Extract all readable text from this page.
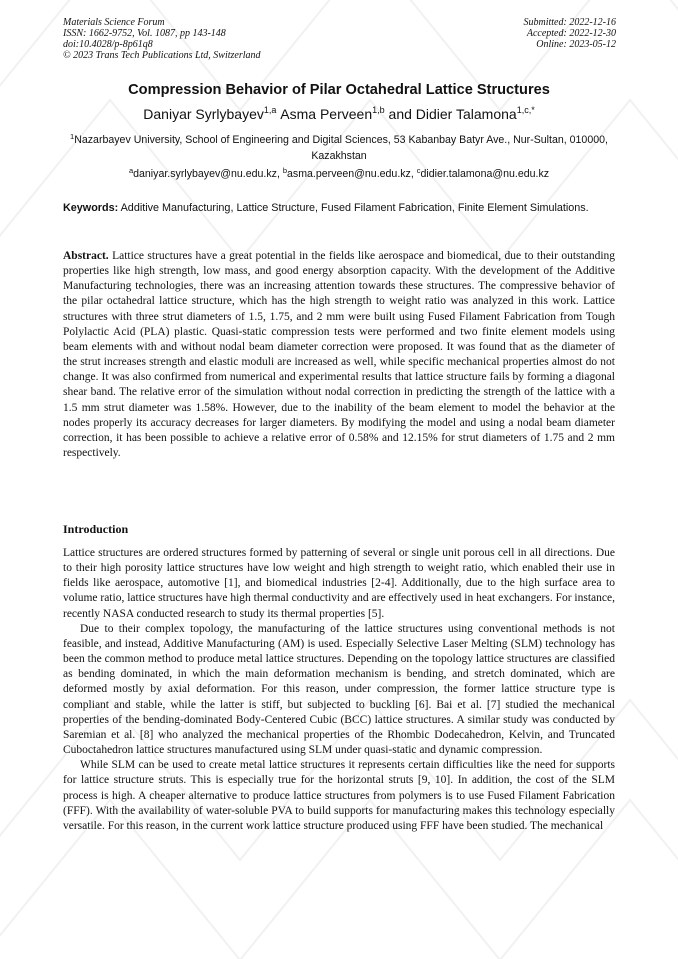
Materials Science Forum
ISSN: 1662-9752, Vol. 1087, pp 143-148
doi:10.4028/p-8p61q8
© 2023 Trans Tech Publications Ltd, Switzerland
Submitted: 2022-12-16
Accepted: 2022-12-30
Online: 2023-05-12
Compression Behavior of Pilar Octahedral Lattice Structures
Daniyar Syrlybayev$^{1,a}$ Asma Perveen$^{1,b}$ and Didier Talamona$^{1,c,*}$
$^1$Nazarbayev University, School of Engineering and Digital Sciences, 53 Kabanbay Batyr Ave., Nur-Sultan, 010000, Kazakhstan
$^a$daniyar.syrlybayev@nu.edu.kz, $^b$asma.perveen@nu.edu.kz, $^c$didier.talamona@nu.edu.kz
Keywords: Additive Manufacturing, Lattice Structure, Fused Filament Fabrication, Finite Element Simulations.
Abstract. Lattice structures have a great potential in the fields like aerospace and biomedical, due to their outstanding properties like high strength, low mass, and good energy absorption capacity. With the development of the Additive Manufacturing technologies, there was an increasing attention towards these structures. The compressive behavior of the pilar octahedral lattice structure, which has the high strength to weight ratio was analyzed in this work. Lattice structures with three strut diameters of 1.5, 1.75, and 2 mm were built using Fused Filament Fabrication from Tough Polylactic Acid (PLA) plastic. Quasi-static compression tests were performed and two finite element models using beam elements with and without nodal beam diameter correction were proposed. It was found that as the diameter of the strut increases strength and elastic moduli are increased as well, while specific mechanical properties almost do not change. It was also confirmed from numerical and experimental results that lattice structure fails by forming a diagonal shear band. The relative error of the simulation without nodal correction in predicting the strength of the lattice with a 1.5 mm strut diameter was 1.58%. However, due to the inability of the beam element to model the behavior at the nodes properly its accuracy decreases for larger diameters. By modifying the model and using a nodal beam diameter correction, it has been possible to achieve a relative error of 0.58% and 12.15% for strut diameters of 1.75 and 2 mm respectively.
Introduction

Lattice structures are ordered structures formed by patterning of several or single unit porous cell in all directions. Due to their high porosity lattice structures have low weight and high strength to weight ratio, which enabled their use in fields like aerospace, automotive [1], and biomedical industries [2-4]. Additionally, due to the high surface area to volume ratio, lattice structures have high thermal conductivity and are effectively used in heat exchangers. For instance, recently NASA conducted research to study its thermal properties [5].

Due to their complex topology, the manufacturing of the lattice structures using conventional methods is not feasible, and instead, Additive Manufacturing (AM) is used. Especially Selective Laser Melting (SLM) technology has been the common method to produce metal lattice structures. Depending on the topology lattice structures are classified as bending dominated, in which the main deformation mechanism is bending, and stretch dominated, which are deformed mostly by axial deformation. For this reason, under compression, the former lattice structure type is compliant and stable, while the latter is stiff, but subjected to buckling [6]. Bai et al. [7] studied the mechanical properties of the bending-dominated Body-Centered Cubic (BCC) lattice structures. A similar study was conducted by Saremian et al. [8] who analyzed the mechanical properties of the Rhombic Dodecahedron, Kelvin, and Truncated Cuboctahedron lattice structures manufactured using SLM under quasi-static and dynamic compression.

While SLM can be used to create metal lattice structures it represents certain difficulties like the need for supports for lattice structure struts. This is especially true for the horizontal struts [9, 10]. In addition, the cost of the SLM process is high. A cheaper alternative to produce lattice structures from polymers is to use Fused Filament Fabrication (FFF). With the availability of water-soluble PVA to build supports for manufacturing makes this technology especially versatile. For this reason, in the current work lattice structure produced using FFF have been studied. The mechanical
